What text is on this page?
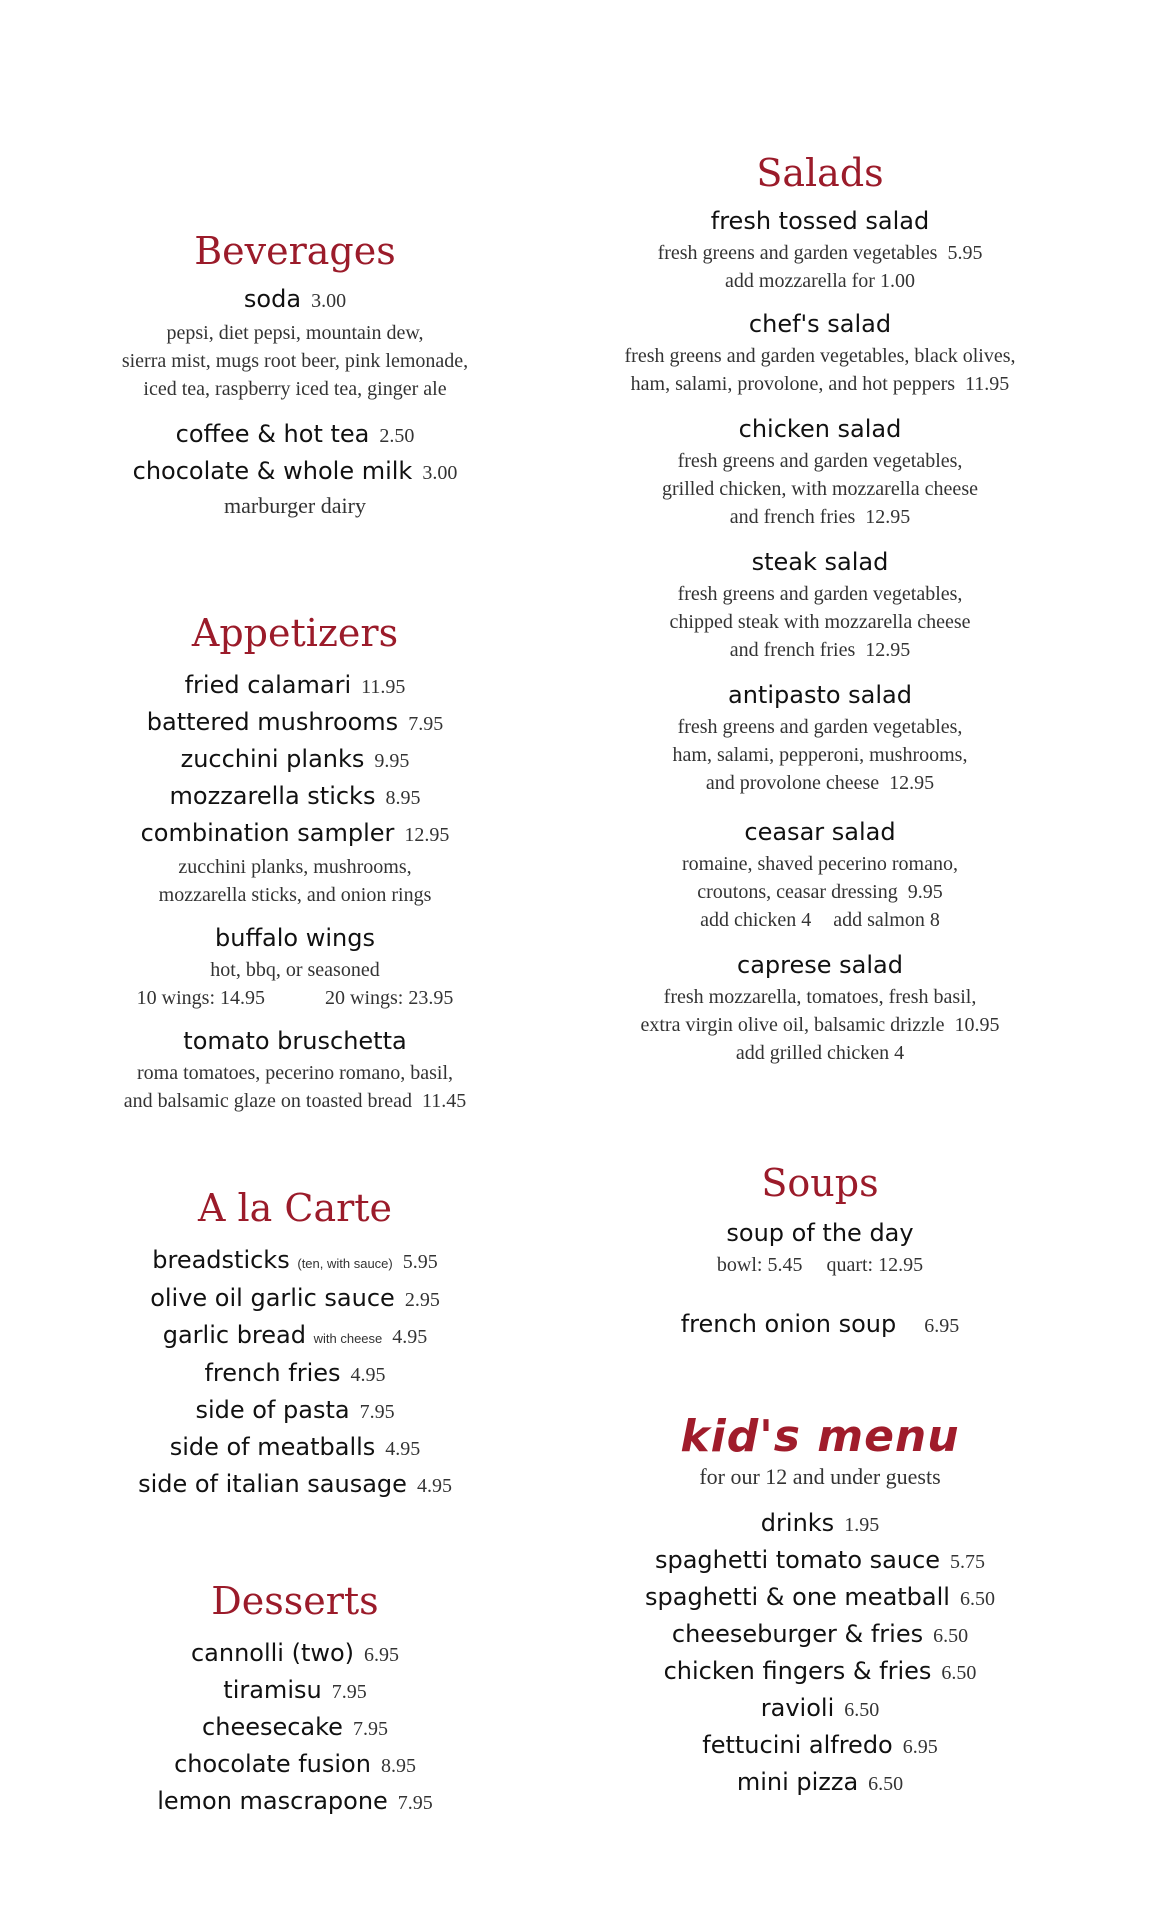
Beverages
soda 3.00
pepsi, diet pepsi, mountain dew,
sierra mist, mugs root beer, pink lemonade,
iced tea, raspberry iced tea, ginger ale
coffee & hot tea 2.50
chocolate & whole milk 3.00
marburger dairy
Appetizers
fried calamari 11.95
battered mushrooms 7.95
zucchini planks 9.95
mozzarella sticks 8.95
combination sampler 12.95
zucchini planks, mushrooms,
mozzarella sticks, and onion rings
buffalo wings
hot, bbq, or seasoned
10 wings: 14.95	20 wings: 23.95
tomato bruschetta
roma tomatoes, pecerino romano, basil,
and balsamic glaze on toasted bread 11.45
A la Carte
breadsticks (ten, with sauce) 5.95
olive oil garlic sauce 2.95
garlic bread with cheese 4.95
french fries 4.95
side of pasta 7.95
side of meatballs 4.95
side of italian sausage 4.95
Desserts
cannolli (two) 6.95
tiramisu 7.95
cheesecake 7.95
chocolate fusion 8.95
lemon mascrapone 7.95
Salads
fresh tossed salad
fresh greens and garden vegetables 5.95
add mozzarella for 1.00
chef's salad
fresh greens and garden vegetables, black olives,
ham, salami, provolone, and hot peppers 11.95
chicken salad
fresh greens and garden vegetables,
grilled chicken, with mozzarella cheese
and french fries 12.95
steak salad
fresh greens and garden vegetables,
chipped steak with mozzarella cheese
and french fries 12.95
antipasto salad
fresh greens and garden vegetables,
ham, salami, pepperoni, mushrooms,
and provolone cheese 12.95
ceasar salad
romaine, shaved pecerino romano,
croutons, ceasar dressing 9.95
add chicken 4 add salmon 8
caprese salad
fresh mozzarella, tomatoes, fresh basil,
extra virgin olive oil, balsamic drizzle 10.95
add grilled chicken 4
Soups
soup of the day
bowl: 5.45 quart: 12.95
french onion soup 6.95
kid's menu
for our 12 and under guests
drinks 1.95
spaghetti tomato sauce 5.75
spaghetti & one meatball 6.50
cheeseburger & fries 6.50
chicken fingers & fries 6.50
ravioli 6.50
fettucini alfredo 6.95
mini pizza 6.50
